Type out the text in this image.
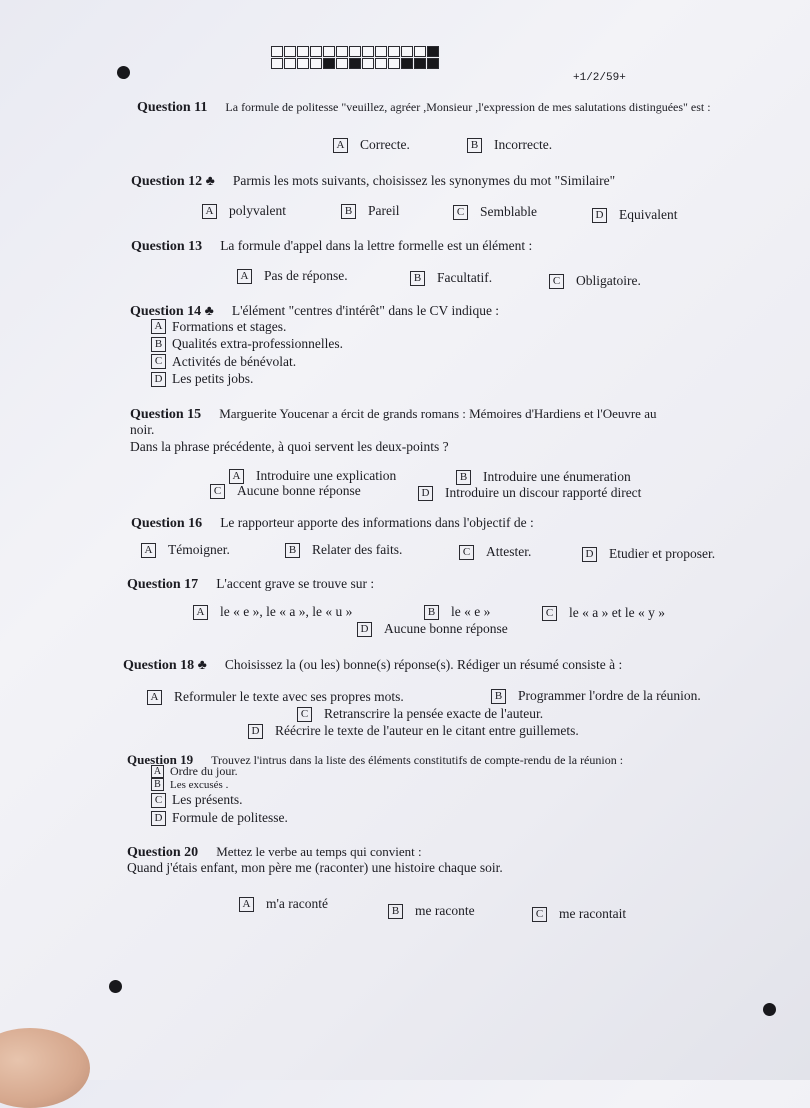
+1/2/59+
Question 11 La formule de politesse "veuillez, agréer ,Monsieur ,l'expression de mes salutations distinguées" est :
A Correcte.	B Incorrecte.
Question 12 ♣ Parmis les mots suivants, choisissez les synonymes du mot "Similaire"
A polyvalent	B Pareil	C Semblable	D Equivalent
Question 13 La formule d'appel dans la lettre formelle est un élément :
A Pas de réponse.	B Facultatif.	C Obligatoire.
Question 14 ♣ L'élément "centres d'intérêt" dans le CV indique :
A Formations et stages.
B Qualités extra-professionnelles.
C Activités de bénévolat.
D Les petits jobs.
Question 15 Marguerite Youcenar a ércit de grands romans : Mémoires d'Hardiens et l'Oeuvre au
noir.
Dans la phrase précédente, à quoi servent les deux-points ?
A Introduire une explication	B Introduire une énumeration
C Aucune bonne réponse	D Introduire un discour rapporté direct
Question 16 Le rapporteur apporte des informations dans l'objectif de :
A Témoigner.	B Relater des faits.	C Attester.	D Etudier et proposer.
Question 17 L'accent grave se trouve sur :
A le « e », le « a », le « u »	B le « e »	C le « a » et le « y »
D Aucune bonne réponse
Question 18 ♣ Choisissez la (ou les) bonne(s) réponse(s). Rédiger un résumé consiste à :
A Reformuler le texte avec ses propres mots.	B Programmer l'ordre de la réunion.
C Retranscrire la pensée exacte de l'auteur.
D Réécrire le texte de l'auteur en le citant entre guillemets.
Question 19 Trouvez l'intrus dans la liste des éléments constitutifs de compte-rendu de la réunion :
A Ordre du jour.
B Les excusés .
C Les présents.
D Formule de politesse.
Question 20 Mettez le verbe au temps qui convient :
Quand j'étais enfant, mon père me (raconter) une histoire chaque soir.
A m'a raconté	B me raconte	C me racontait
